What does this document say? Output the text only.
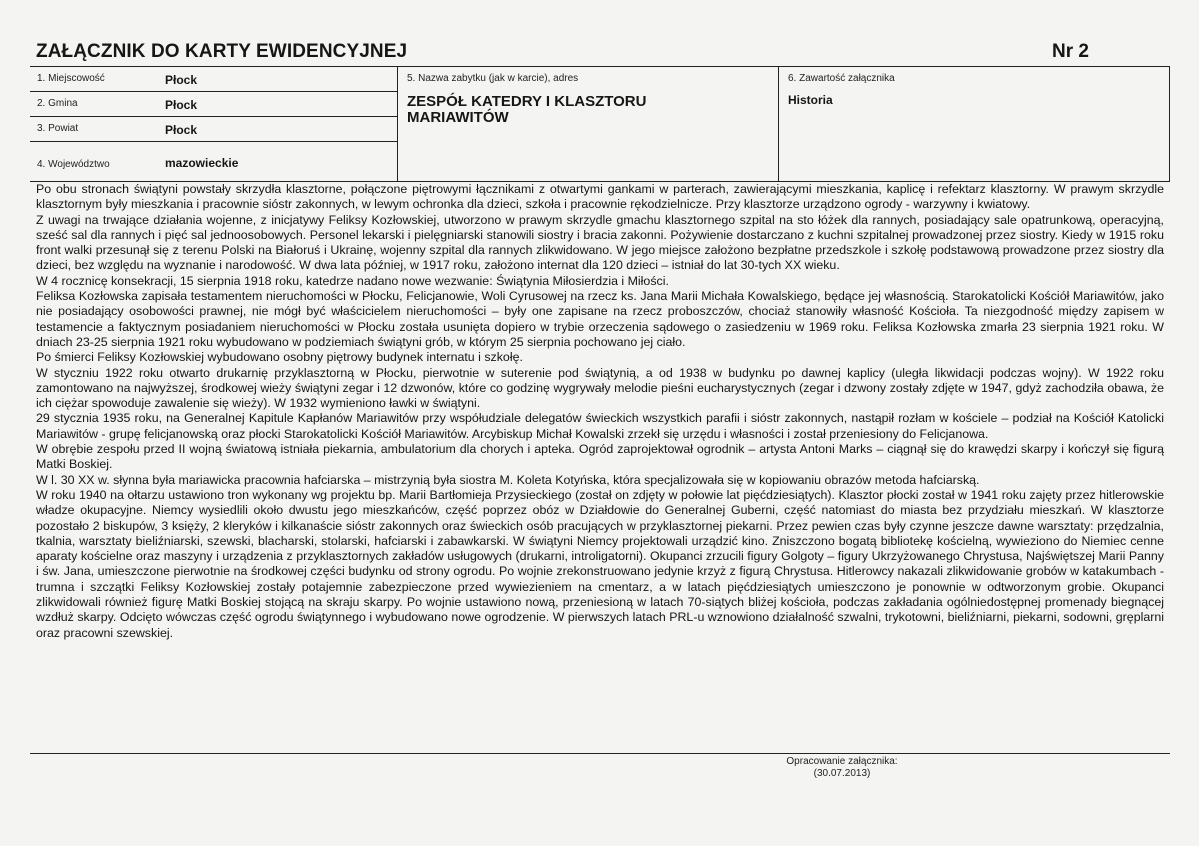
ZAŁĄCZNIK DO KARTY EWIDENCYJNEJ	Nr 2
1. Miejscowość	Płock
2. Gmina	Płock
3. Powiat	Płock
4. Województwo	mazowieckie
5. Nazwa zabytku (jak w karcie), adres
ZESPÓŁ KATEDRY I KLASZTORU MARIAWITÓW
6. Zawartość załącznika
Historia

Po obu stronach świątyni powstały skrzydła klasztorne, połączone piętrowymi łącznikami z otwartymi gankami w parterach, zawierającymi mieszkania, kaplicę i refektarz klasztorny. W prawym skrzydle klasztornym były mieszkania i pracownie sióstr zakonnych, w lewym ochronka dla dzieci, szkoła i pracownie rękodzielnicze. Przy klasztorze urządzono ogrody - warzywny i kwiatowy.

Z uwagi na trwające działania wojenne, z inicjatywy Feliksy Kozłowskiej, utworzono w prawym skrzydle gmachu klasztornego szpital na sto łóżek dla rannych, posiadający sale opatrunkową, operacyjną, sześć sal dla rannych i pięć sal jednoosobowych. Personel lekarski i pielęgniarski stanowili siostry i bracia zakonni. Pożywienie dostarczano z kuchni szpitalnej prowadzonej przez siostry. Kiedy w 1915 roku front walki przesunął się z terenu Polski na Białoruś i Ukrainę, wojenny szpital dla rannych zlikwidowano. W jego miejsce założono bezpłatne przedszkole i szkołę podstawową prowadzone przez siostry dla dzieci, bez względu na wyznanie i narodowość. W dwa lata później, w 1917 roku, założono internat dla 120 dzieci – istniał do lat 30-tych XX wieku.

W 4 rocznicę konsekracji, 15 sierpnia 1918 roku, katedrze nadano nowe wezwanie: Świątynia Miłosierdzia i Miłości.

Feliksa Kozłowska zapisała testamentem nieruchomości w Płocku, Felicjanowie, Woli Cyrusowej na rzecz ks. Jana Marii Michała Kowalskiego, będące jej własnością. Starokatolicki Kościół Mariawitów, jako nie posiadający osobowości prawnej, nie mógł być właścicielem nieruchomości – były one zapisane na rzecz proboszczów, chociaż stanowiły własność Kościoła. Ta niezgodność między zapisem w testamencie a faktycznym posiadaniem nieruchomości w Płocku została usunięta dopiero w trybie orzeczenia sądowego o zasiedzeniu w 1969 roku. Feliksa Kozłowska zmarła 23 sierpnia 1921 roku. W dniach 23-25 sierpnia 1921 roku wybudowano w podziemiach świątyni grób, w którym 25 sierpnia pochowano jej ciało.

Po śmierci Feliksy Kozłowskiej wybudowano osobny piętrowy budynek internatu i szkołę.

W styczniu 1922 roku otwarto drukarnię przyklasztorną w Płocku, pierwotnie w suterenie pod świątynią, a od 1938 w budynku po dawnej kaplicy (uległa likwidacji podczas wojny). W 1922 roku zamontowano na najwyższej, środkowej wieży świątyni zegar i 12 dzwonów, które co godzinę wygrywały melodie pieśni eucharystycznych (zegar i dzwony zostały zdjęte w 1947, gdyż zachodziła obawa, że ich ciężar spowoduje zawalenie się wieży). W 1932 wymieniono ławki w świątyni.

29 stycznia 1935 roku, na Generalnej Kapitule Kapłanów Mariawitów przy współudziale delegatów świeckich wszystkich parafii i sióstr zakonnych, nastąpił rozłam w kościele – podział na Kościół Katolicki Mariawitów - grupę felicjanowską oraz płocki Starokatolicki Kościół Mariawitów. Arcybiskup Michał Kowalski zrzekł się urzędu i własności i został przeniesiony do Felicjanowa.

W obrębie zespołu przed II wojną światową istniała piekarnia, ambulatorium dla chorych i apteka. Ogród zaprojektował ogrodnik – artysta Antoni Marks – ciągnął się do krawędzi skarpy i kończył się figurą Matki Boskiej.

W l. 30 XX w. słynna była mariawicka pracownia hafciarska – mistrzynią była siostra M. Koleta Kotyńska, która specjalizowała się w kopiowaniu obrazów metoda hafciarską.

W roku 1940 na ołtarzu ustawiono tron wykonany wg projektu bp. Marii Bartłomieja Przysieckiego (został on zdjęty w połowie lat pięćdziesiątych). Klasztor płocki został w 1941 roku zajęty przez hitlerowskie władze okupacyjne. Niemcy wysiedlili około dwustu jego mieszkańców, część poprzez obóz w Działdowie do Generalnej Guberni, część natomiast do miasta bez przydziału mieszkań. W klasztorze pozostało 2 biskupów, 3 księży, 2 kleryków i kilkanaście sióstr zakonnych oraz świeckich osób pracujących w przyklasztornej piekarni. Przez pewien czas były czynne jeszcze dawne warsztaty: przędzalnia, tkalnia, warsztaty bieliźniarski, szewski, blacharski, stolarski, hafciarski i zabawkarski. W świątyni Niemcy projektowali urządzić kino. Zniszczono bogatą bibliotekę kościelną, wywieziono do Niemiec cenne aparaty kościelne oraz maszyny i urządzenia z przyklasztornych zakładów usługowych (drukarni, introligatorni). Okupanci zrzucili figury Golgoty – figury Ukrzyżowanego Chrystusa, Najświętszej Marii Panny i św. Jana, umieszczone pierwotnie na środkowej części budynku od strony ogrodu. Po wojnie zrekonstruowano jedynie krzyż z figurą Chrystusa. Hitlerowcy nakazali zlikwidowanie grobów w katakumbach - trumna i szczątki Feliksy Kozłowskiej zostały potajemnie zabezpieczone przed wywiezieniem na cmentarz, a w latach pięćdziesiątych umieszczono je ponownie w odtworzonym grobie. Okupanci zlikwidowali również figurę Matki Boskiej stojącą na skraju skarpy. Po wojnie ustawiono nową, przeniesioną w latach 70-siątych bliżej kościoła, podczas zakładania ogólniedostępnej promenady biegnącej wzdłuż skarpy. Odcięto wówczas część ogrodu świątynnego i wybudowano nowe ogrodzenie. W pierwszych latach PRL-u wznowiono działalność szwalni, trykotowni, bieliźniarni, piekarni, sodowni, gręplarni oraz pracowni szewskiej.

Opracowanie załącznika:
(30.07.2013)
